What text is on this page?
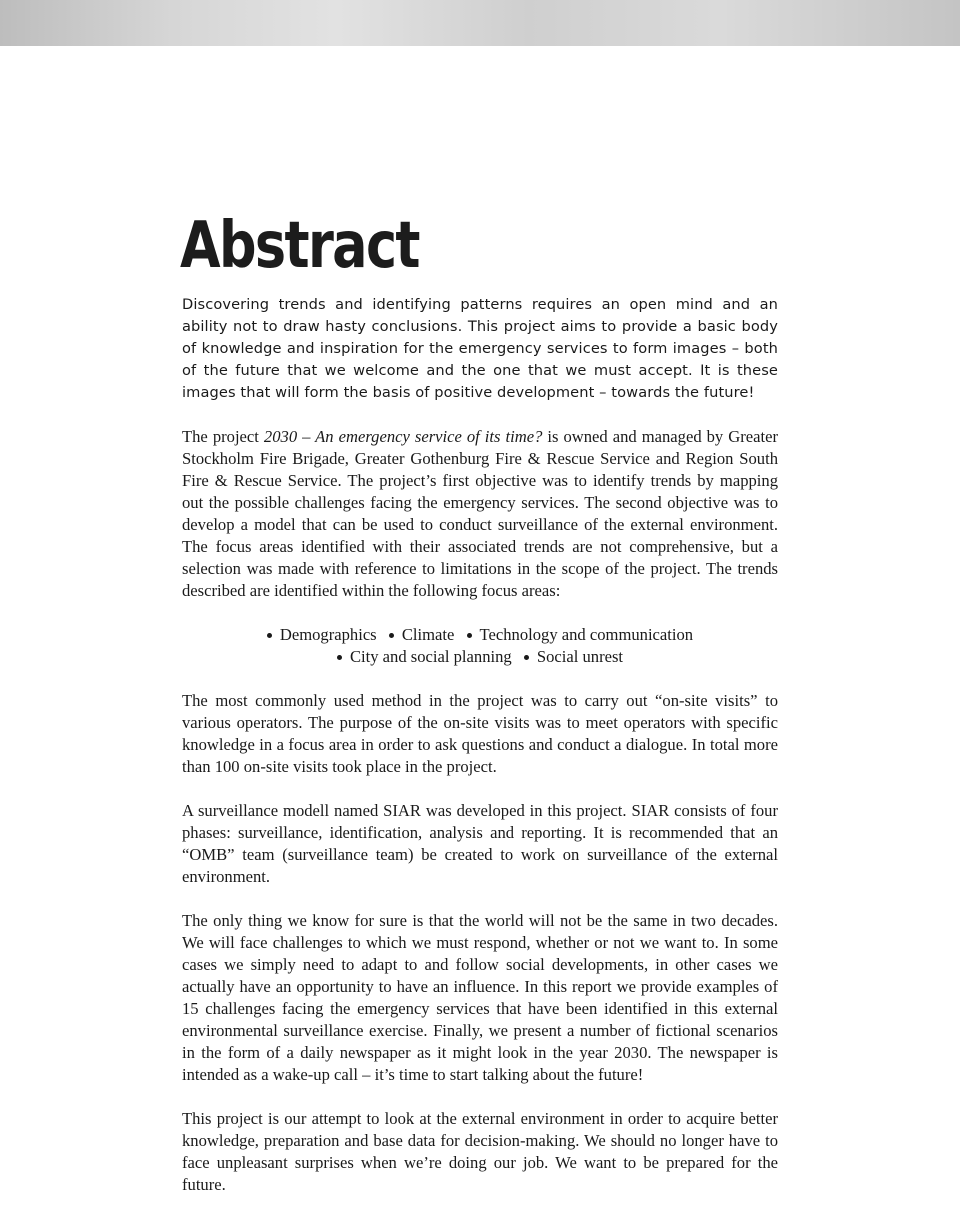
Abstract

Discovering trends and identifying patterns requires an open mind and an ability not to draw hasty conclusions. This project aims to provide a basic body of knowledge and inspiration for the emergency services to form images – both of the future that we welcome and the one that we must accept. It is these images that will form the basis of positive development – towards the future!

The project 2030 – An emergency service of its time? is owned and managed by Greater Stockholm Fire Brigade, Greater Gothenburg Fire & Rescue Service and Region South Fire & Rescue Service. The project’s first objective was to identify trends by mapping out the possible challenges facing the emergency services. The second objective was to develop a model that can be used to conduct surveillance of the external environment. The focus areas identified with their associated trends are not comprehensive, but a selection was made with reference to limitations in the scope of the project. The trends described are identified within the following focus areas:

Demographics Climate Technology and communication
City and social planning Social unrest

The most commonly used method in the project was to carry out “on-site visits” to various operators. The purpose of the on-site visits was to meet operators with specific knowledge in a focus area in order to ask questions and conduct a dialogue. In total more than 100 on-site visits took place in the project.

A surveillance modell named SIAR was developed in this project. SIAR consists of four phases: surveillance, identification, analysis and reporting. It is recommended that an “OMB” team (surveillance team) be created to work on surveillance of the external environment.

The only thing we know for sure is that the world will not be the same in two decades. We will face challenges to which we must respond, whether or not we want to. In some cases we simply need to adapt to and follow social developments, in other cases we actually have an opportunity to have an influence. In this report we provide examples of 15 challenges facing the emergency services that have been identified in this external environmental surveillance exercise. Finally, we present a number of fictional scenarios in the form of a daily newspaper as it might look in the year 2030. The newspaper is intended as a wake-up call – it’s time to start talking about the future!

This project is our attempt to look at the external environment in order to acquire better knowledge, preparation and base data for decision-making. We should no longer have to face unpleasant surprises when we’re doing our job. We want to be prepared for the future.
